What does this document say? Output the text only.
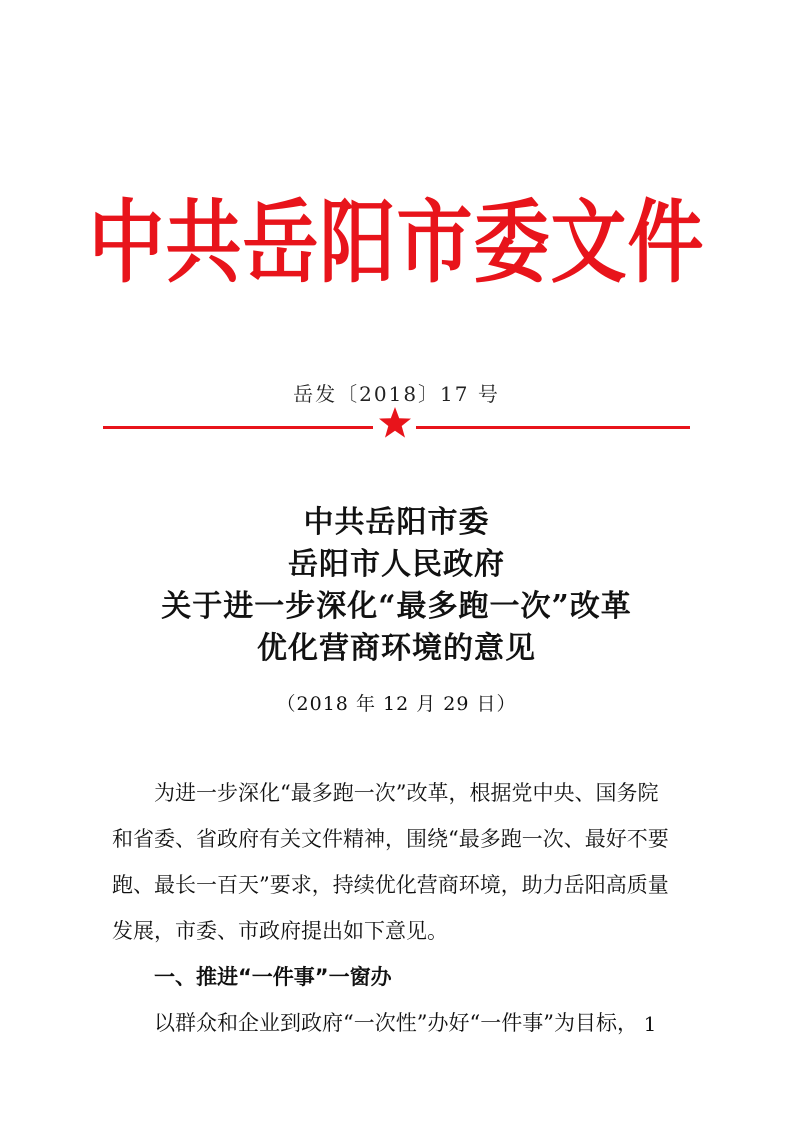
中共岳阳市委文件
岳发〔2018〕17 号
中共岳阳市委
岳阳市人民政府
关于进一步深化“最多跑一次”改革
优化营商环境的意见
（2018 年 12 月 29 日）

为进一步深化“最多跑一次”改革，根据党中央、国务院

和省委、省政府有关文件精神，围绕“最多跑一次、最好不要

跑、最长一百天”要求，持续优化营商环境，助力岳阳高质量

发展，市委、市政府提出如下意见。

一、推进“一件事”一窗办

以群众和企业到政府“一次性”办好“一件事”为目标， 1
